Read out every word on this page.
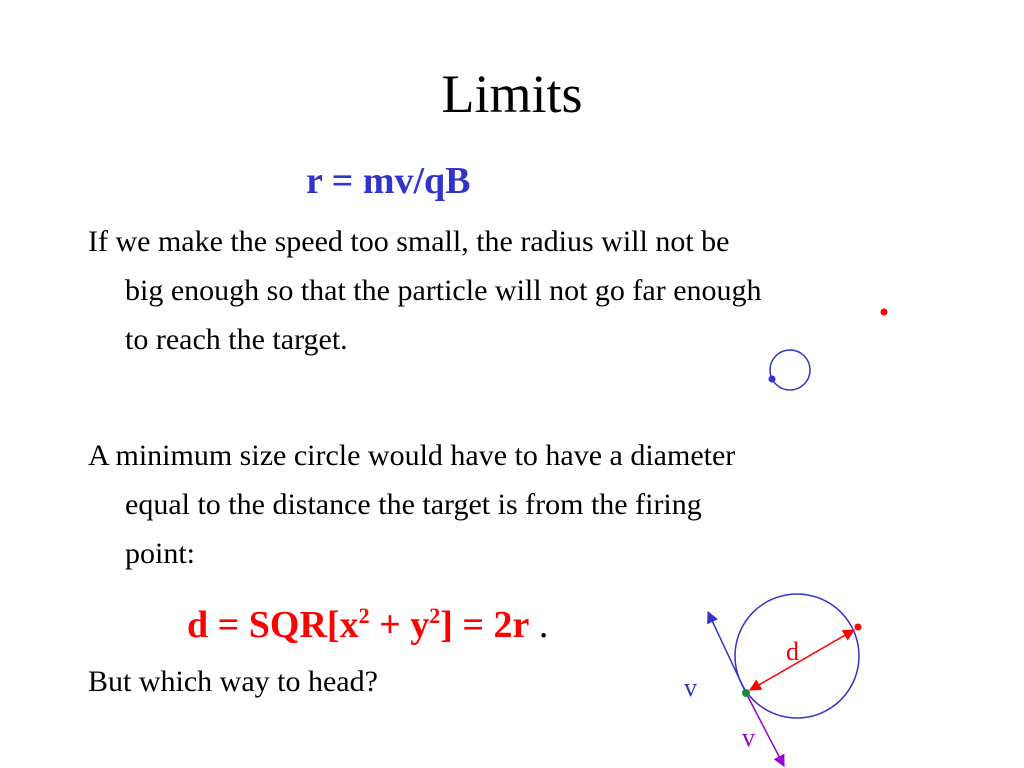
Limits
r = mv/qB

If we make the speed too small, the radius will not be big enough so that the particle will not go far enough to reach the target.

A minimum size circle would have to have a diameter equal to the distance the target is from the firing point:

$d = SQR[x^2 + y^2] = 2r$ .
But which way to head?
d
v
v
